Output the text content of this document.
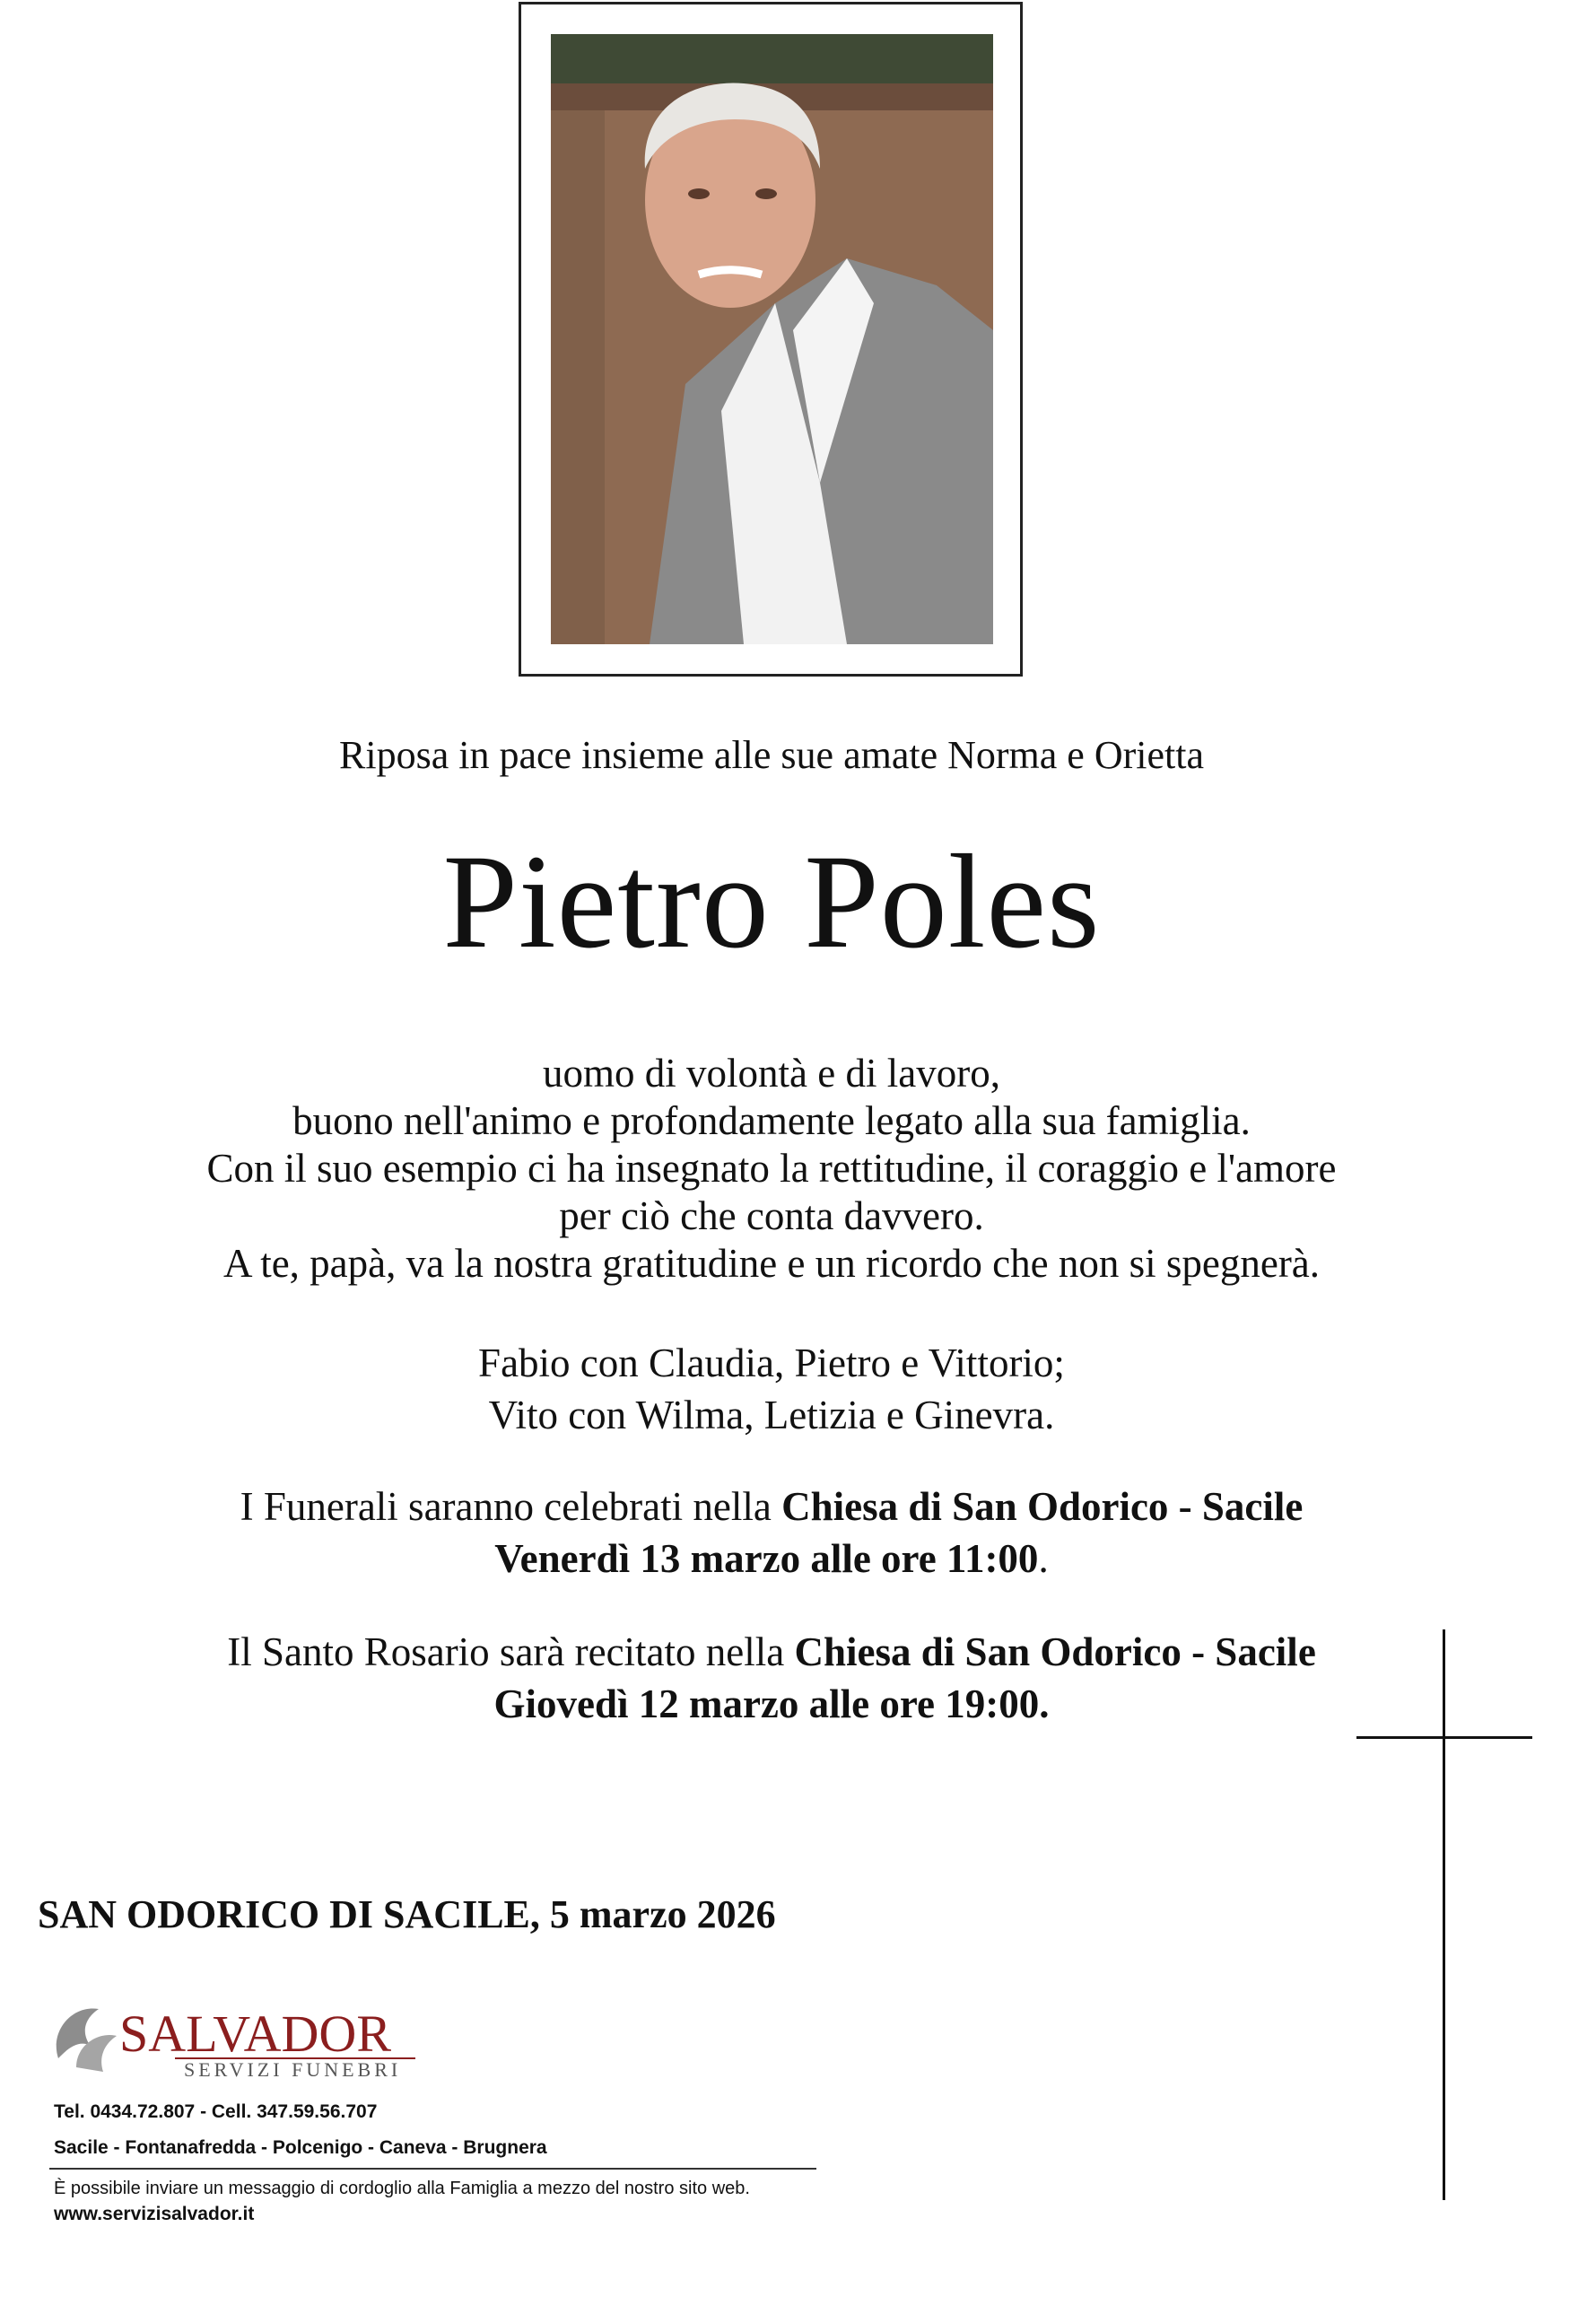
Riposa in pace insieme alle sue amate Norma e Orietta
Pietro Poles
uomo di volontà e di lavoro,
buono nell'animo e profondamente legato alla sua famiglia.
Con il suo esempio ci ha insegnato la rettitudine, il coraggio e l'amore
per ciò che conta davvero.
A te, papà, va la nostra gratitudine e un ricordo che non si spegnerà.
Fabio con Claudia, Pietro e Vittorio;
Vito con Wilma, Letizia e Ginevra.
I Funerali saranno celebrati nella Chiesa di San Odorico - Sacile
Venerdì 13 marzo alle ore 11:00.
Il Santo Rosario sarà recitato nella Chiesa di San Odorico - Sacile
Giovedì 12 marzo alle ore 19:00.
SAN ODORICO DI SACILE, 5 marzo 2026
SALVADOR
SERVIZI FUNEBRI
Tel. 0434.72.807 - Cell. 347.59.56.707
Sacile - Fontanafredda - Polcenigo - Caneva - Brugnera
È possibile inviare un messaggio di cordoglio alla Famiglia a mezzo del nostro sito web.
www.servizisalvador.it
